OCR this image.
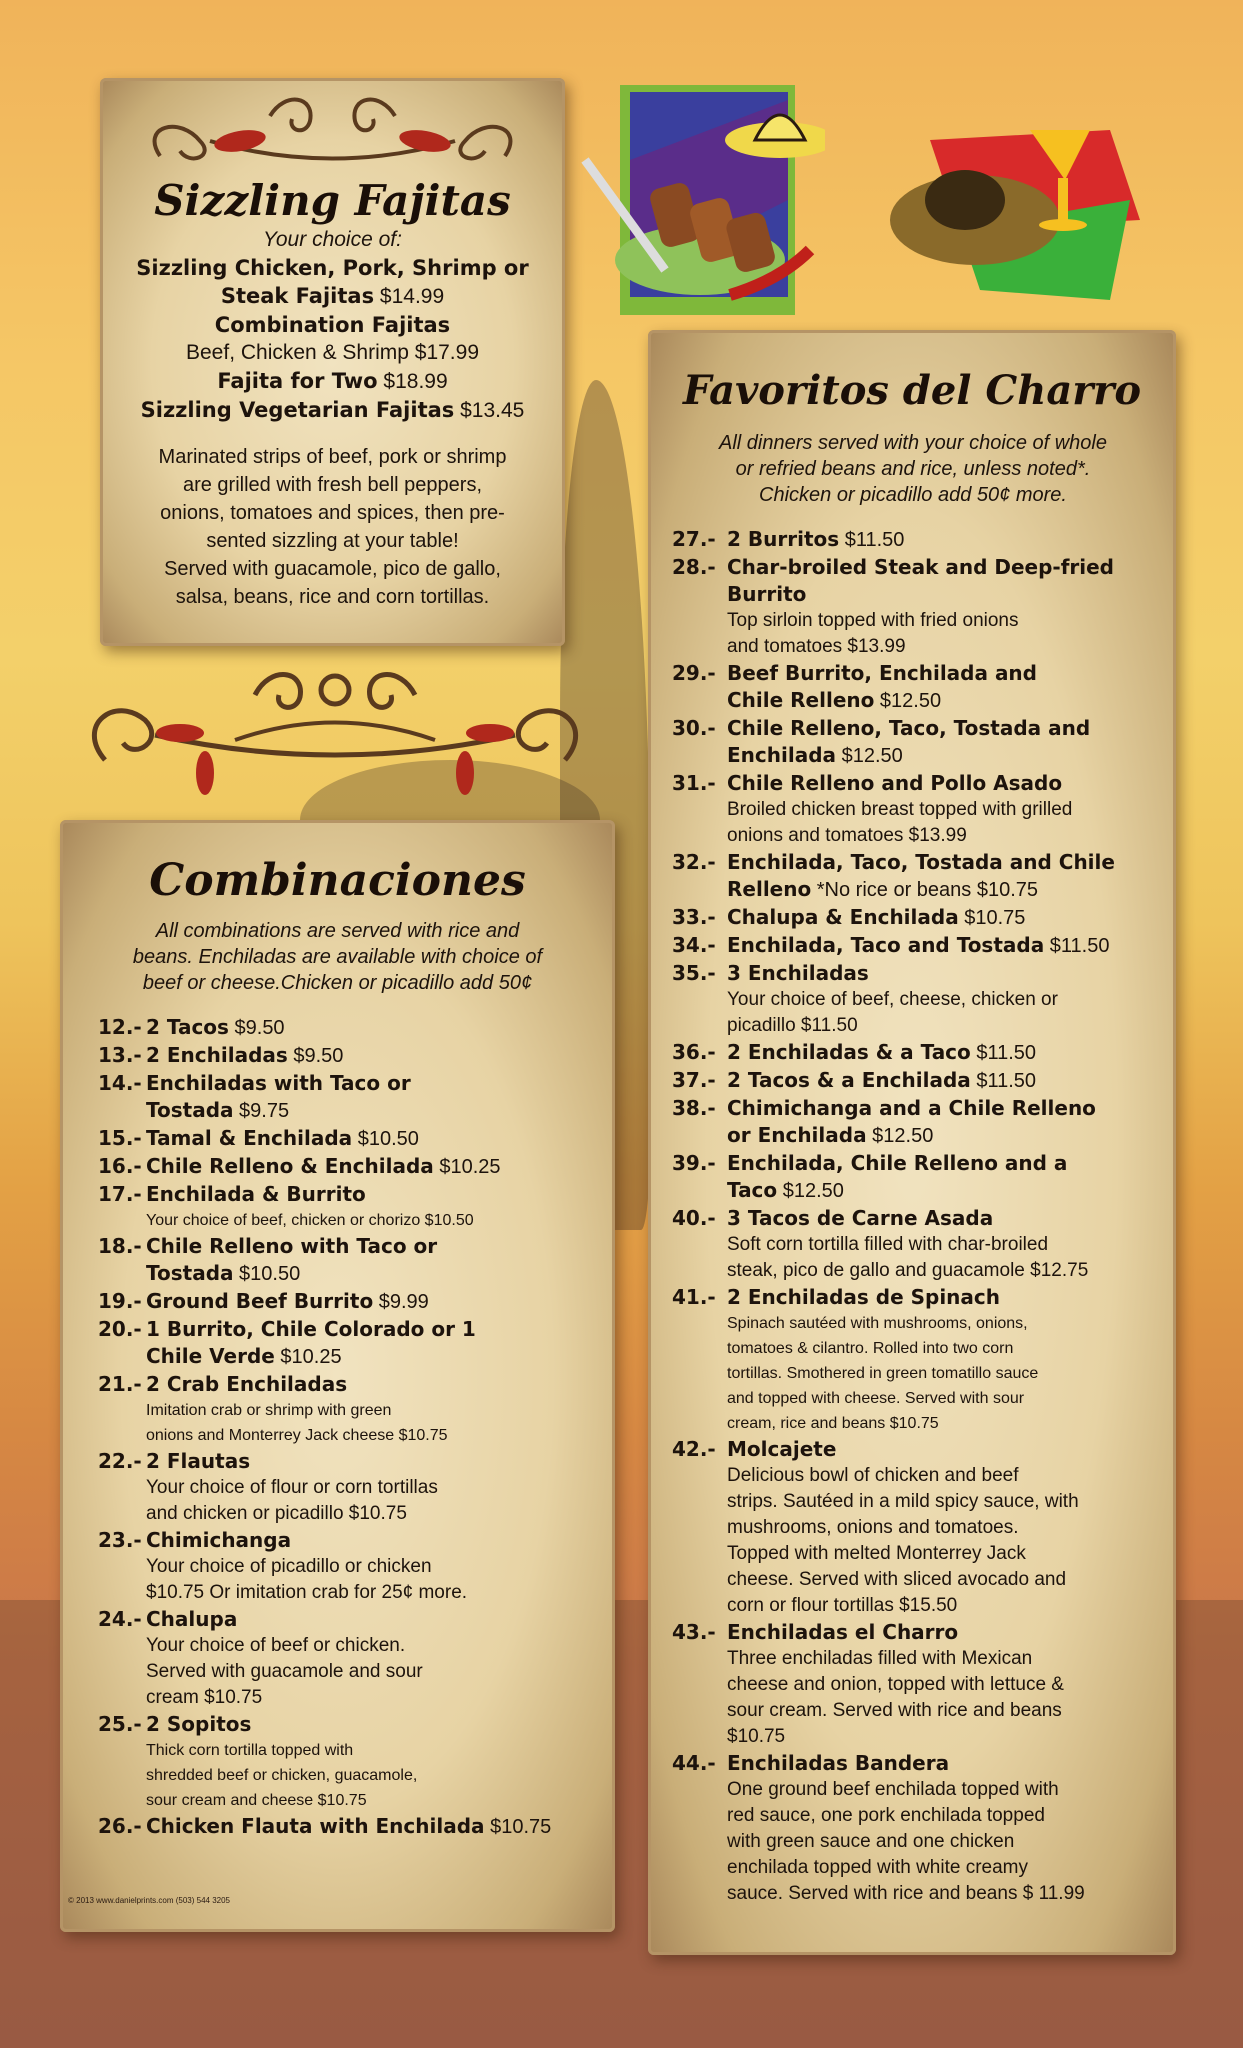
Sizzling Fajitas
Your choice of:
Sizzling Chicken, Pork, Shrimp or
Steak Fajitas $14.99
Combination Fajitas
Beef, Chicken & Shrimp $17.99
Fajita for Two $18.99
Sizzling Vegetarian Fajitas $13.45
Marinated strips of beef, pork or shrimp
are grilled with fresh bell peppers,
onions, tomatoes and spices, then pre-
sented sizzling at your table!
Served with guacamole, pico de gallo,
salsa, beans, rice and corn tortillas.
Combinaciones
All combinations are served with rice and
beans. Enchiladas are available with choice of
beef or cheese.Chicken or picadillo add 50¢
12.- 2 Tacos $9.50
13.- 2 Enchiladas $9.50
14.- Enchiladas with Taco or
Tostada $9.75
15.- Tamal & Enchilada $10.50
16.- Chile Relleno & Enchilada $10.25
17.- Enchilada & Burrito
Your choice of beef, chicken or chorizo $10.50
18.- Chile Relleno with Taco or
Tostada $10.50
19.- Ground Beef Burrito $9.99
20.- 1 Burrito, Chile Colorado or 1
Chile Verde $10.25
21.- 2 Crab Enchiladas
Imitation crab or shrimp with green
onions and Monterrey Jack cheese $10.75
22.- 2 Flautas
Your choice of flour or corn tortillas
and chicken or picadillo $10.75
23.- Chimichanga
Your choice of picadillo or chicken
$10.75 Or imitation crab for 25¢ more.
24.- Chalupa
Your choice of beef or chicken.
Served with guacamole and sour
cream $10.75
25.- 2 Sopitos
Thick corn tortilla topped with
shredded beef or chicken, guacamole,
sour cream and cheese $10.75
26.- Chicken Flauta with Enchilada $10.75
Favoritos del Charro
All dinners served with your choice of whole
or refried beans and rice, unless noted*.
Chicken or picadillo add 50¢ more.
27.- 2 Burritos $11.50
28.- Char-broiled Steak and Deep-fried
Burrito
Top sirloin topped with fried onions
and tomatoes $13.99
29.- Beef Burrito, Enchilada and
Chile Relleno $12.50
30.- Chile Relleno, Taco, Tostada and
Enchilada $12.50
31.- Chile Relleno and Pollo Asado
Broiled chicken breast topped with grilled
onions and tomatoes $13.99
32.- Enchilada, Taco, Tostada and Chile
Relleno *No rice or beans $10.75
33.- Chalupa & Enchilada $10.75
34.- Enchilada, Taco and Tostada $11.50
35.- 3 Enchiladas
Your choice of beef, cheese, chicken or
picadillo $11.50
36.- 2 Enchiladas & a Taco $11.50
37.- 2 Tacos & a Enchilada $11.50
38.- Chimichanga and a Chile Relleno
or Enchilada $12.50
39.- Enchilada, Chile Relleno and a
Taco $12.50
40.- 3 Tacos de Carne Asada
Soft corn tortilla filled with char-broiled
steak, pico de gallo and guacamole $12.75
41.- 2 Enchiladas de Spinach
Spinach sautéed with mushrooms, onions,
tomatoes & cilantro. Rolled into two corn
tortillas. Smothered in green tomatillo sauce
and topped with cheese. Served with sour
cream, rice and beans $10.75
42.- Molcajete
Delicious bowl of chicken and beef
strips. Sautéed in a mild spicy sauce, with
mushrooms, onions and tomatoes.
Topped with melted Monterrey Jack
cheese. Served with sliced avocado and
corn or flour tortillas $15.50
43.- Enchiladas el Charro
Three enchiladas filled with Mexican
cheese and onion, topped with lettuce &
sour cream. Served with rice and beans
$10.75
44.- Enchiladas Bandera
One ground beef enchilada topped with
red sauce, one pork enchilada topped
with green sauce and one chicken
enchilada topped with white creamy
sauce. Served with rice and beans $ 11.99
© 2013 www.danielprints.com (503) 544 3205
